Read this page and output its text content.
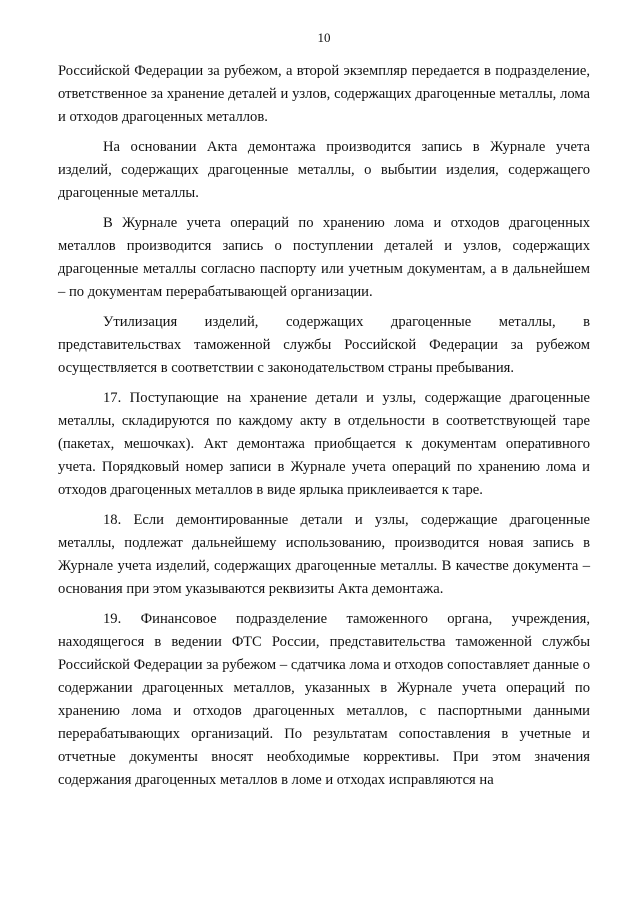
10

Российской Федерации за рубежом, а второй экземпляр передается в подразделение, ответственное за хранение деталей и узлов, содержащих драгоценные металлы, лома и отходов драгоценных металлов.

На основании Акта демонтажа производится запись в Журнале учета изделий, содержащих драгоценные металлы, о выбытии изделия, содержащего драгоценные металлы.

В Журнале учета операций по хранению лома и отходов драгоценных металлов производится запись о поступлении деталей и узлов, содержащих драгоценные металлы согласно паспорту или учетным документам, а в дальнейшем – по документам перерабатывающей организации.

Утилизация изделий, содержащих драгоценные металлы, в представительствах таможенной службы Российской Федерации за рубежом осуществляется в соответствии с законодательством страны пребывания.

17. Поступающие на хранение детали и узлы, содержащие драгоценные металлы, складируются по каждому акту в отдельности в соответствующей таре (пакетах, мешочках). Акт демонтажа приобщается к документам оперативного учета. Порядковый номер записи в Журнале учета операций по хранению лома и отходов драгоценных металлов в виде ярлыка приклеивается к таре.

18. Если демонтированные детали и узлы, содержащие драгоценные металлы, подлежат дальнейшему использованию, производится новая запись в Журнале учета изделий, содержащих драгоценные металлы. В качестве документа – основания при этом указываются реквизиты Акта демонтажа.

19. Финансовое подразделение таможенного органа, учреждения, находящегося в ведении ФТС России, представительства таможенной службы Российской Федерации за рубежом – сдатчика лома и отходов сопоставляет данные о содержании драгоценных металлов, указанных в Журнале учета операций по хранению лома и отходов драгоценных металлов, с паспортными данными перерабатывающих организаций. По результатам сопоставления в учетные и отчетные документы вносят необходимые коррективы. При этом значения содержания драгоценных металлов в ломе и отходах исправляются на
